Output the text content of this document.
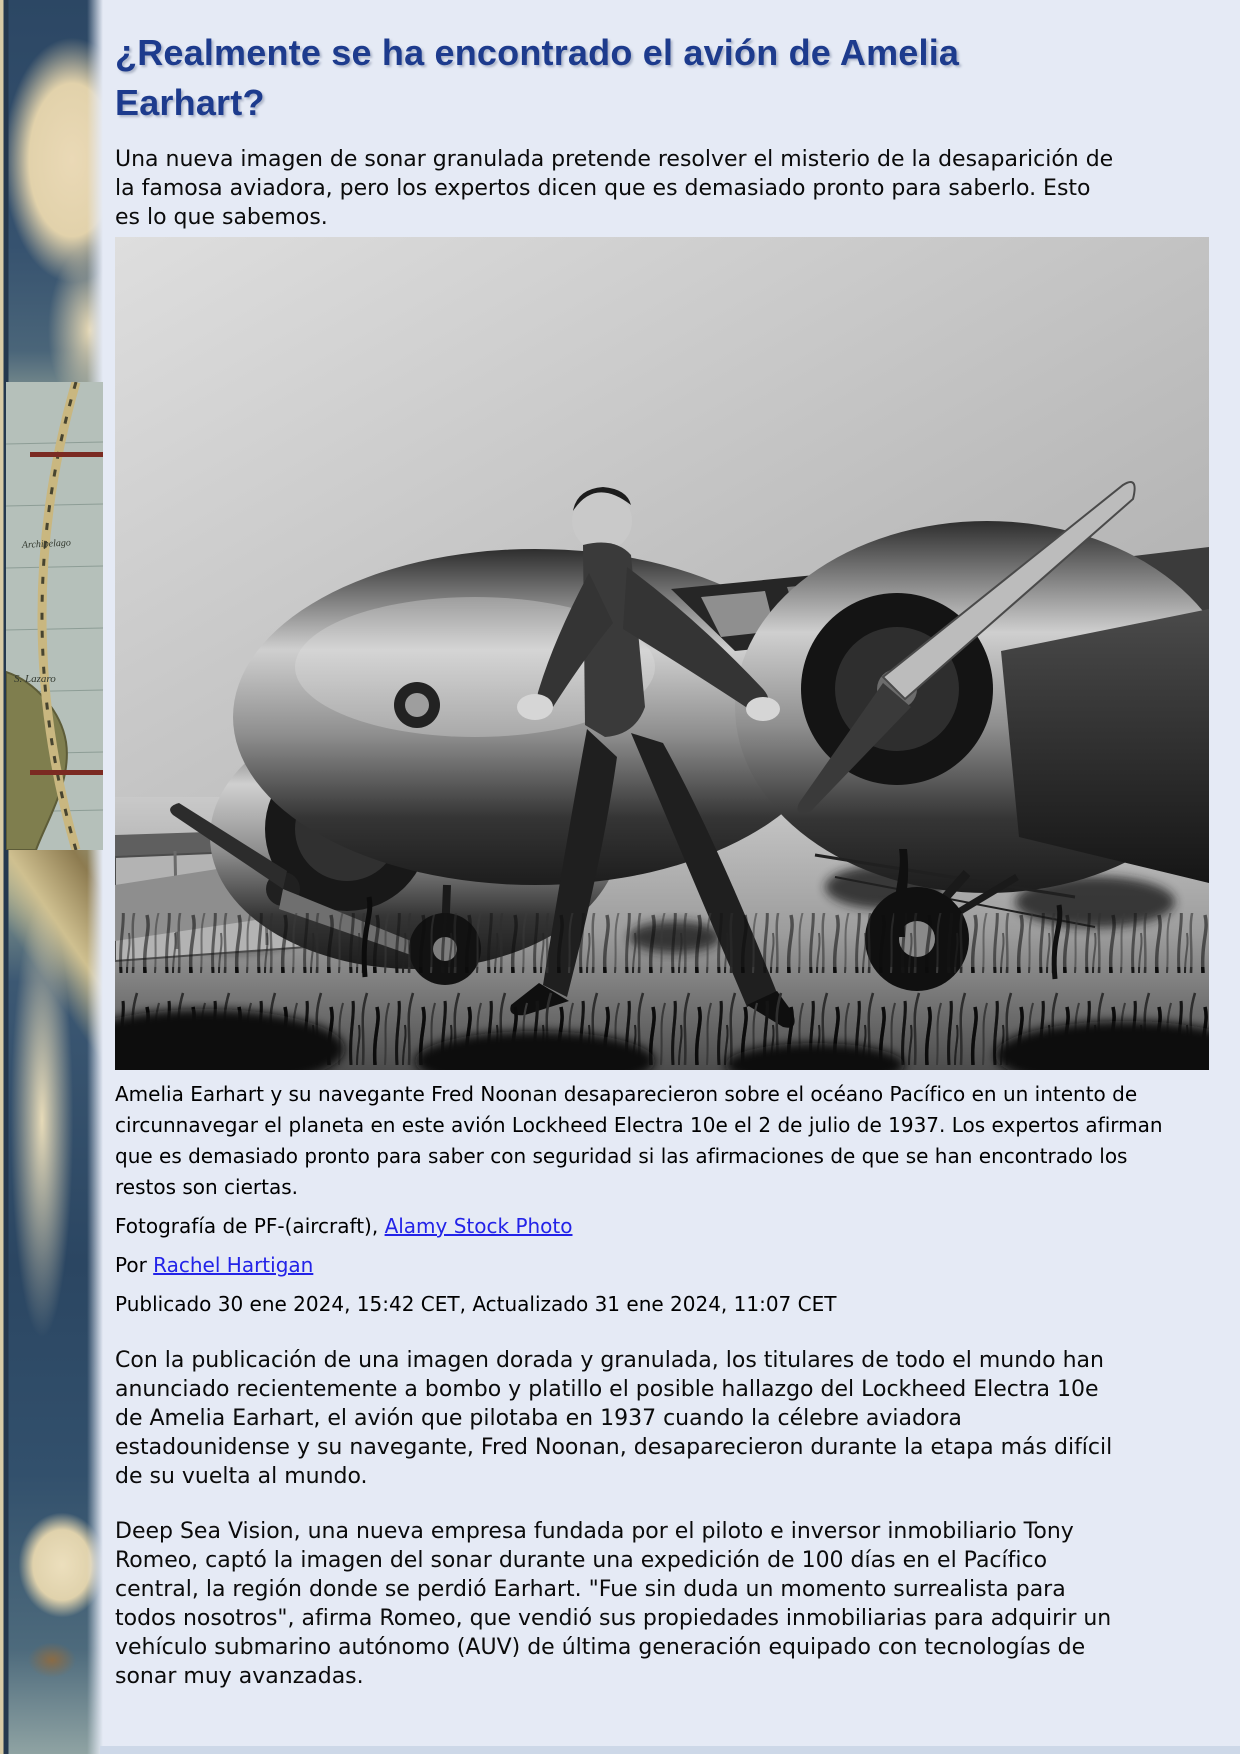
Archipelago
S. Lazaro
¿Realmente se ha encontrado el avión de Amelia Earhart?

Una nueva imagen de sonar granulada pretende resolver el misterio de la desaparición de la famosa aviadora, pero los expertos dicen que es demasiado pronto para saberlo. Esto es lo que sabemos.

Amelia Earhart y su navegante Fred Noonan desaparecieron sobre el océano Pacífico en un intento de circunnavegar el planeta en este avión Lockheed Electra 10e el 2 de julio de 1937. Los expertos afirman que es demasiado pronto para saber con seguridad si las afirmaciones de que se han encontrado los restos son ciertas.

Fotografía de PF-(aircraft), Alamy Stock Photo
Por Rachel Hartigan
Publicado 30 ene 2024, 15:42 CET, Actualizado 31 ene 2024, 11:07 CET

Con la publicación de una imagen dorada y granulada, los titulares de todo el mundo han anunciado recientemente a bombo y platillo el posible hallazgo del Lockheed Electra 10e de Amelia Earhart, el avión que pilotaba en 1937 cuando la célebre aviadora estadounidense y su navegante, Fred Noonan, desaparecieron durante la etapa más difícil de su vuelta al mundo.

Deep Sea Vision, una nueva empresa fundada por el piloto e inversor inmobiliario Tony Romeo, captó la imagen del sonar durante una expedición de 100 días en el Pacífico central, la región donde se perdió Earhart. "Fue sin duda un momento surrealista para todos nosotros", afirma Romeo, que vendió sus propiedades inmobiliarias para adquirir un vehículo submarino autónomo (AUV) de última generación equipado con tecnologías de sonar muy avanzadas.
